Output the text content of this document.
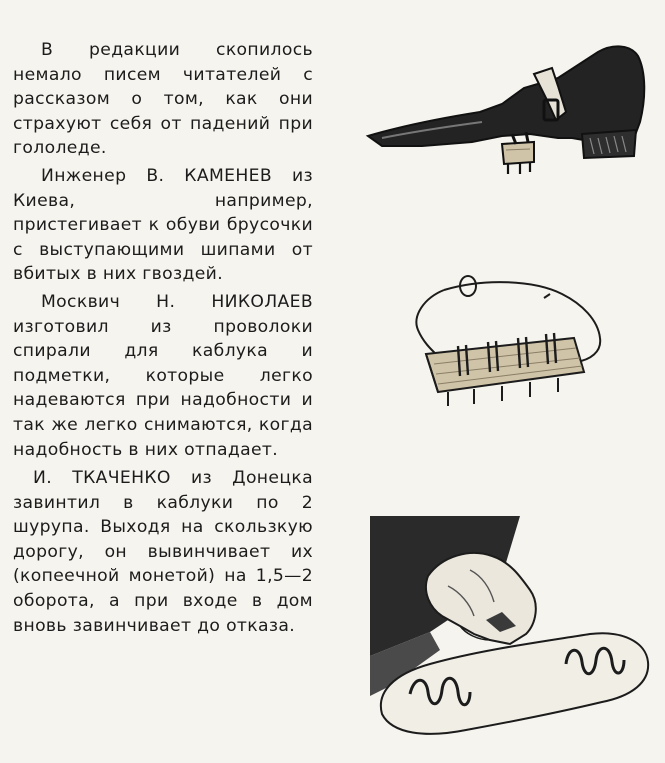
В редакции скопилось немало писем читателей с рассказом о том, как они страхуют себя от падений при гололеде.

Инженер В. КАМЕНЕВ из Киева, например, пристегивает к обуви брусочки с выступающими шипами от вбитых в них гвоздей.

Москвич Н. НИКОЛАЕВ изготовил из проволоки спирали для каблука и подметки, которые легко надеваются при надобности и так же легко снимаются, когда надобность в них отпадает.

И. ТКАЧЕНКО из Донецка завинтил в каблуки по 2 шурупа. Выходя на скользкую дорогу, он вывинчивает их (копеечной монетой) на 1,5—2 оборота, а при входе в дом вновь завинчивает до отказа.
